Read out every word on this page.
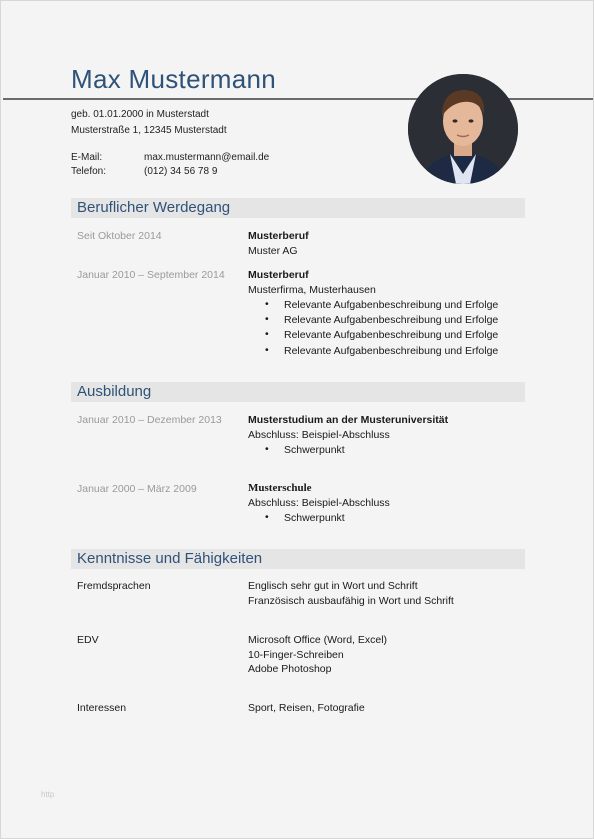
Max Mustermann
geb. 01.01.2000 in Musterstadt
Musterstraße 1, 12345 Musterstadt
E-Mail:	max.mustermann@email.de
Telefon:	(012) 34 56 78 9
Beruflicher Werdegang
Seit Oktober 2014	Musterberuf
Muster AG
Januar 2010 – September 2014 Musterberuf
Musterfirma, Musterhausen
• Relevante Aufgabenbeschreibung und Erfolge
• Relevante Aufgabenbeschreibung und Erfolge
• Relevante Aufgabenbeschreibung und Erfolge
• Relevante Aufgabenbeschreibung und Erfolge
Ausbildung
Januar 2010 – Dezember 2013 Musterstudium an der Musteruniversität
Abschluss: Beispiel-Abschluss
• Schwerpunkt
Januar 2000 – März 2009	Musterschule
Abschluss: Beispiel-Abschluss
• Schwerpunkt
Kenntnisse und Fähigkeiten
Fremdsprachen	Englisch sehr gut in Wort und Schrift
Französisch ausbaufähig in Wort und Schrift
EDV	Microsoft Office (Word, Excel)
10-Finger-Schreiben
Adobe Photoshop
Interessen	Sport, Reisen, Fotografie
http
